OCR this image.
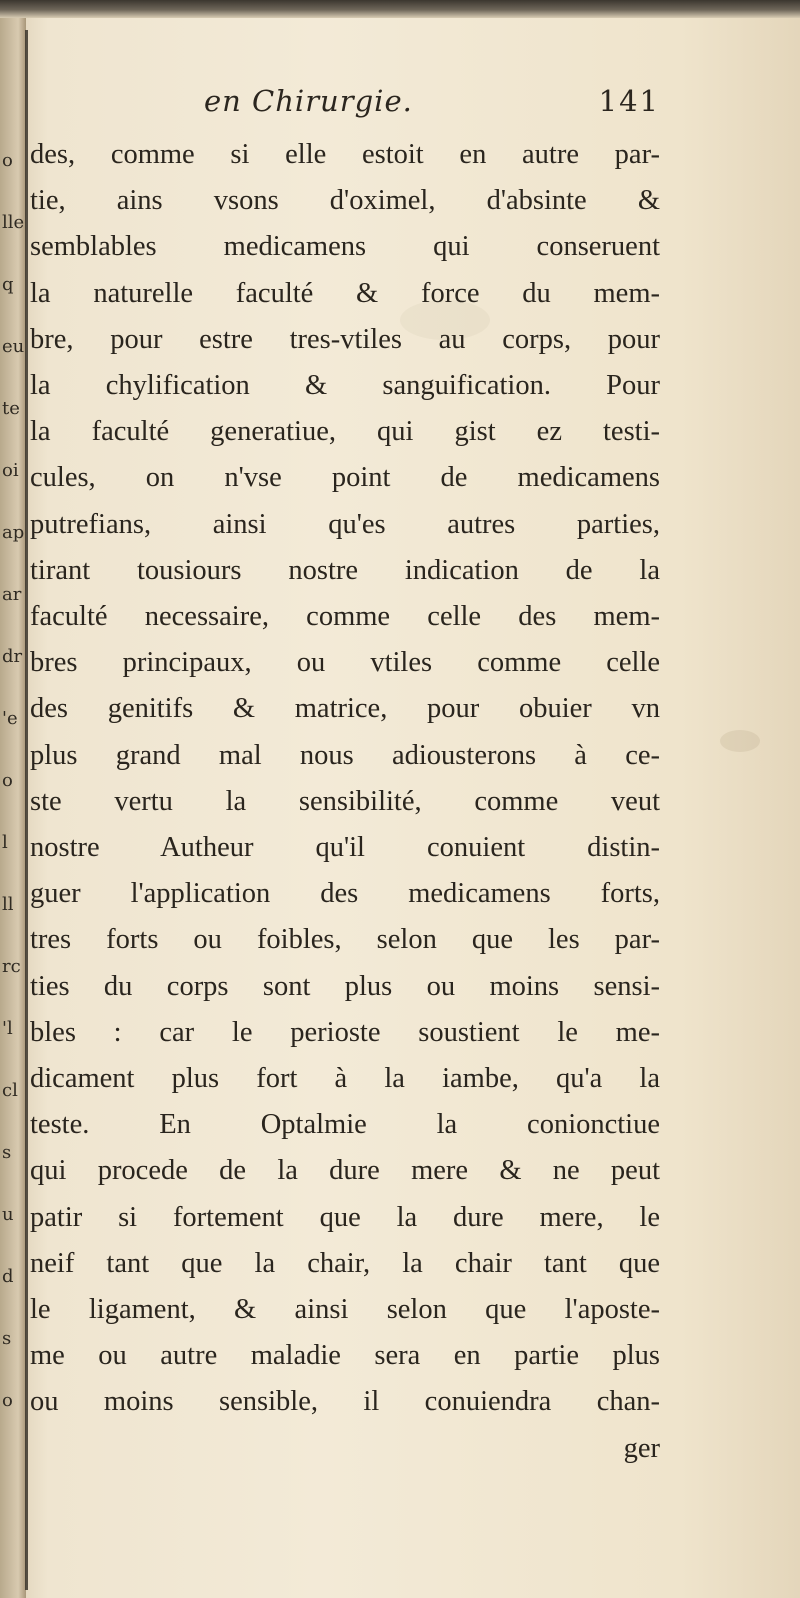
o
lle
q
eu
te
oi
ap
ar
dr
'e
o
l
ll
rc
'l
cl
s
u
d
s
o
en Chirurgie.	141
des, comme si elle estoit en autre par-
tie, ains vsons d'oximel, d'absinte &
semblables medicamens qui conseruent
la naturelle faculté & force du mem-
bre, pour estre tres-vtiles au corps, pour
la chylification & sanguification. Pour
la faculté generatiue, qui gist ez testi-
cules, on n'vse point de medicamens
putrefians, ainsi qu'es autres parties,
tirant tousiours nostre indication de la
faculté necessaire, comme celle des mem-
bres principaux, ou vtiles comme celle
des genitifs & matrice, pour obuier vn
plus grand mal nous adiousterons à ce-
ste vertu la sensibilité, comme veut
nostre Autheur qu'il conuient distin-
guer l'application des medicamens forts,
tres forts ou foibles, selon que les par-
ties du corps sont plus ou moins sensi-
bles : car le perioste soustient le me-
dicament plus fort à la iambe, qu'a la
teste. En Optalmie la conionctiue
qui procede de la dure mere & ne peut
patir si fortement que la dure mere, le
neif tant que la chair, la chair tant que
le ligament, & ainsi selon que l'aposte-
me ou autre maladie sera en partie plus
ou moins sensible, il conuiendra chan-
ger
